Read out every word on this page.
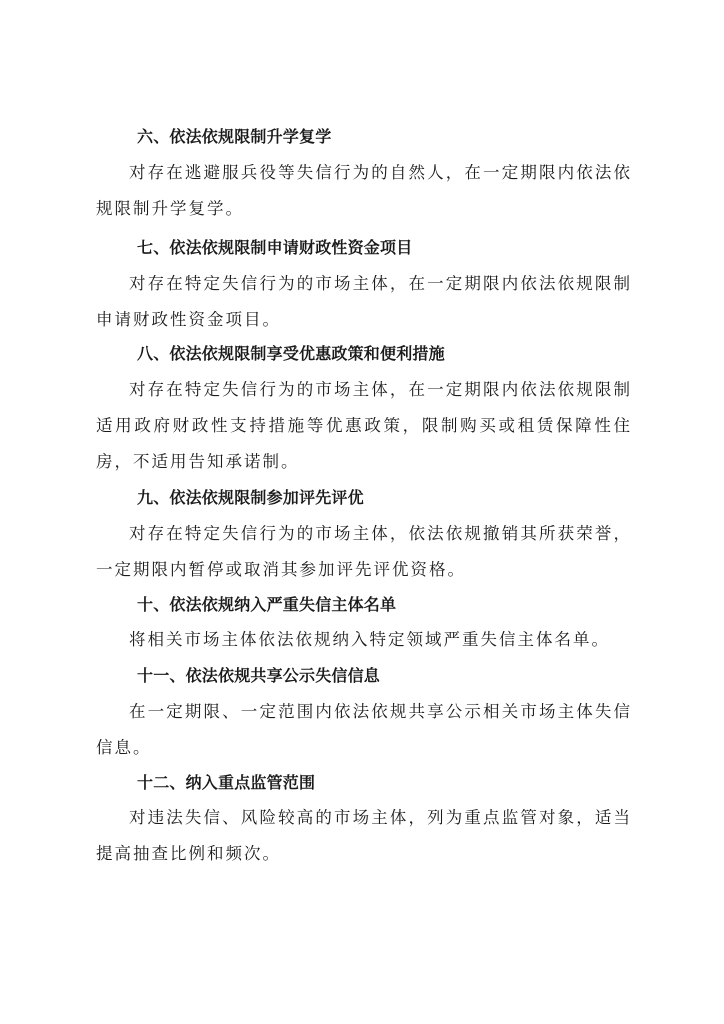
六、依法依规限制升学复学

对存在逃避服兵役等失信行为的自然人，在一定期限内依法依规限制升学复学。

七、依法依规限制申请财政性资金项目

对存在特定失信行为的市场主体，在一定期限内依法依规限制申请财政性资金项目。

八、依法依规限制享受优惠政策和便利措施

对存在特定失信行为的市场主体，在一定期限内依法依规限制适用政府财政性支持措施等优惠政策，限制购买或租赁保障性住房，不适用告知承诺制。

九、依法依规限制参加评先评优

对存在特定失信行为的市场主体，依法依规撤销其所获荣誉，一定期限内暂停或取消其参加评先评优资格。

十、依法依规纳入严重失信主体名单

将相关市场主体依法依规纳入特定领域严重失信主体名单。

十一、依法依规共享公示失信信息

在一定期限、一定范围内依法依规共享公示相关市场主体失信信息。

十二、纳入重点监管范围

对违法失信、风险较高的市场主体，列为重点监管对象，适当提高抽查比例和频次。
